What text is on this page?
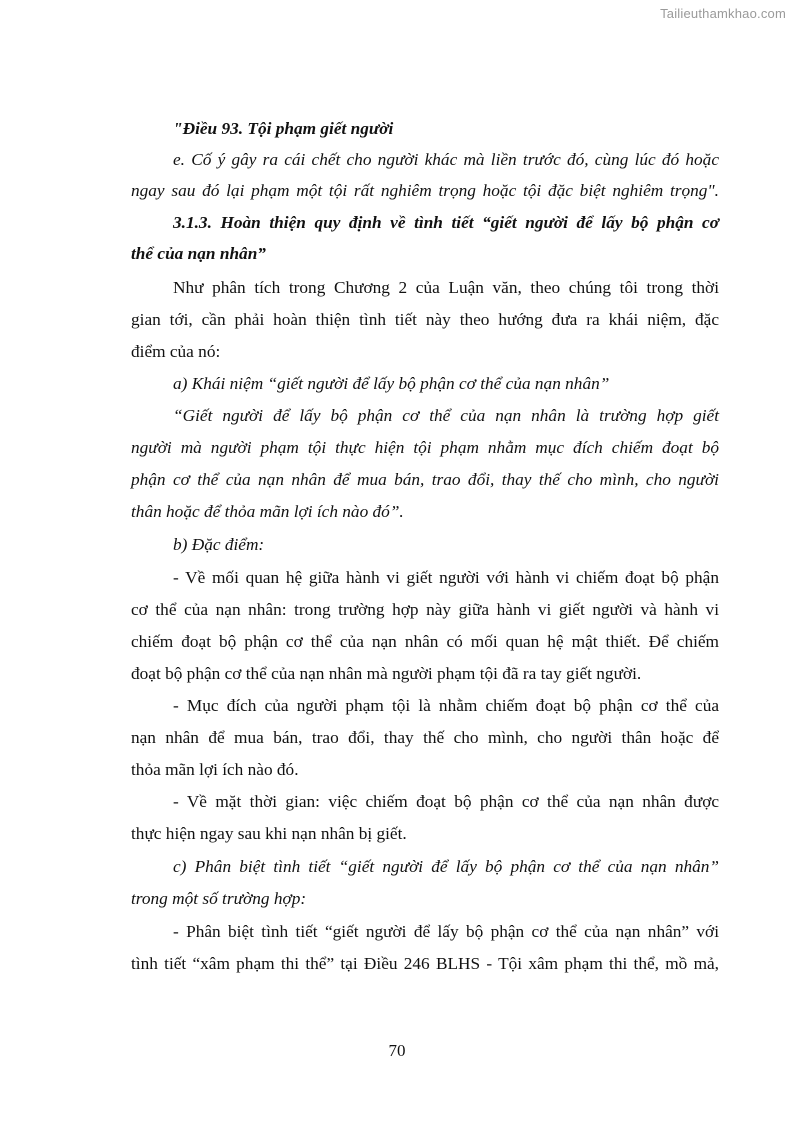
Tailieuthamkhao.com
"Điều 93. Tội phạm giết người
e. Cố ý gây ra cái chết cho người khác mà liền trước đó, cùng lúc đó hoặc
ngay sau đó lại phạm một tội rất nghiêm trọng hoặc tội đặc biệt nghiêm trọng".
3.1.3. Hoàn thiện quy định về tình tiết “giết người để lấy bộ phận cơ
thể của nạn nhân”
Như phân tích trong Chương 2 của Luận văn, theo chúng tôi trong thời
gian tới, cần phải hoàn thiện tình tiết này theo hướng đưa ra khái niệm, đặc
điểm của nó:
a) Khái niệm “giết người để lấy bộ phận cơ thể của nạn nhân”
“Giết người để lấy bộ phận cơ thể của nạn nhân là trường hợp giết
người mà người phạm tội thực hiện tội phạm nhằm mục đích chiếm đoạt bộ
phận cơ thể của nạn nhân để mua bán, trao đổi, thay thế cho mình, cho người
thân hoặc để thỏa mãn lợi ích nào đó”.
b) Đặc điểm:
- Về mối quan hệ giữa hành vi giết người với hành vi chiếm đoạt bộ phận
cơ thể của nạn nhân: trong trường hợp này giữa hành vi giết người và hành vi
chiếm đoạt bộ phận cơ thể của nạn nhân có mối quan hệ mật thiết. Để chiếm
đoạt bộ phận cơ thể của nạn nhân mà người phạm tội đã ra tay giết người.
- Mục đích của người phạm tội là nhằm chiếm đoạt bộ phận cơ thể của
nạn nhân để mua bán, trao đổi, thay thế cho mình, cho người thân hoặc để
thỏa mãn lợi ích nào đó.
- Về mặt thời gian: việc chiếm đoạt bộ phận cơ thể của nạn nhân được
thực hiện ngay sau khi nạn nhân bị giết.
c) Phân biệt tình tiết “giết người để lấy bộ phận cơ thể của nạn nhân”
trong một số trường hợp:
- Phân biệt tình tiết “giết người để lấy bộ phận cơ thể của nạn nhân” với
tình tiết “xâm phạm thi thể” tại Điều 246 BLHS - Tội xâm phạm thi thể, mồ mả,
70
